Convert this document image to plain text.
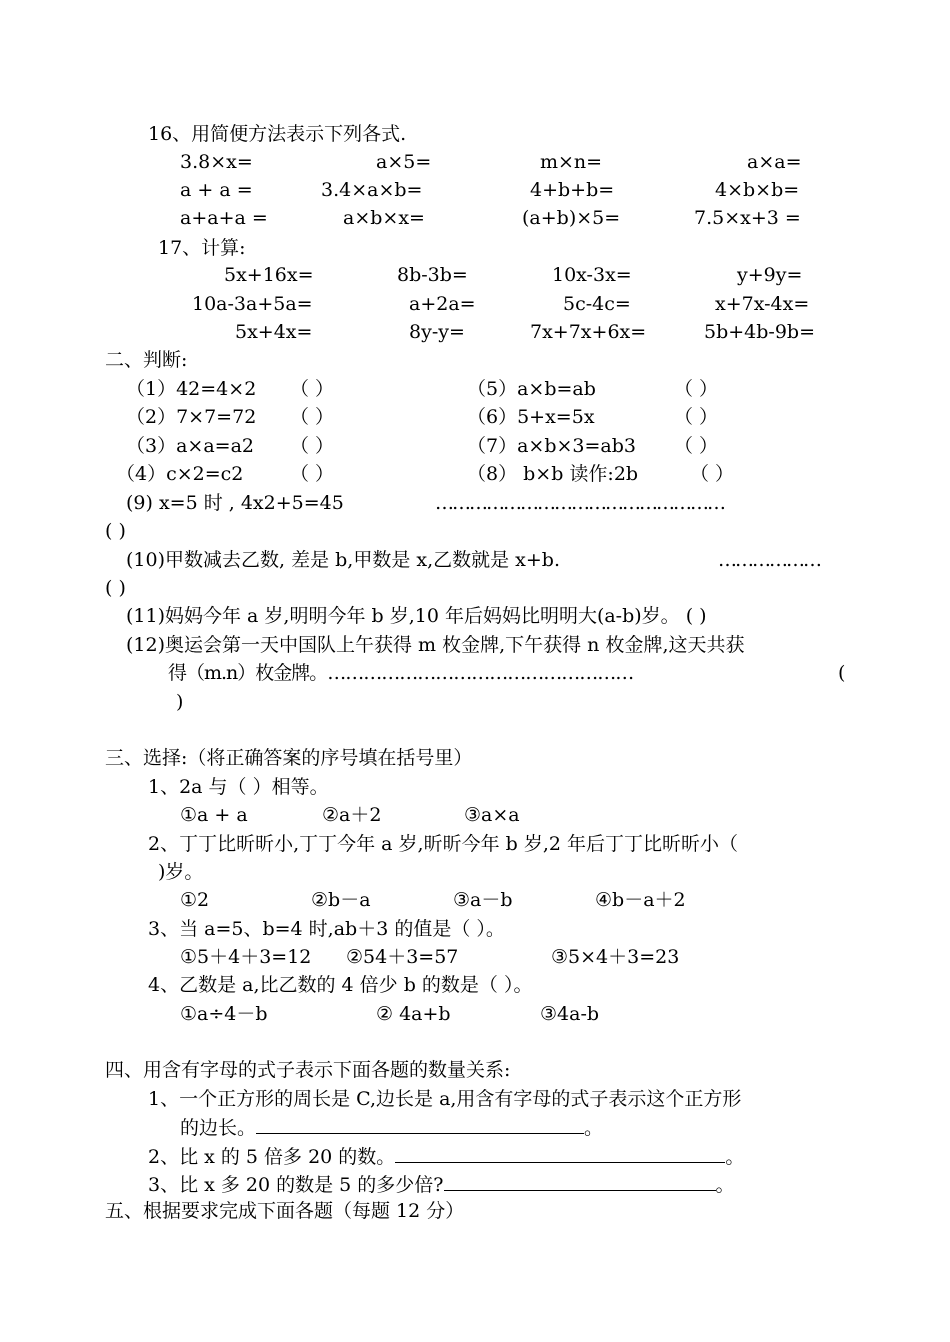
16、用简便方法表示下列各式.
3.8×x=	a×5=	m×n=	a×a=
a + a =	3.4×a×b=	4+b+b=	4×b×b=
a+a+a =	a×b×x=	(a+b)×5=	7.5×x+3 =
17、计算:
5x+16x=	8b-3b=	10x-3x=	y+9y=
10a-3a+5a=	a+2a=	5c-4c=	x+7x-4x=
5x+4x=	8y-y=	7x+7x+6x=	5b+4b-9b=
二、判断:
（1）42=4×2 （ ）	（5）a×b=ab	（ ）
（2）7×7=72 （ ）	（6）5+x=5x	（ ）
（3）a×a=a2 （ ）	（7）a×b×3=ab3 （ ）
（4）c×2=c2 （ ）	（8） b×b 读作:2b	（ ）
(9) x=5 时 , 4x2+5=45	……………………………………………
( )
(10)甲数减去乙数, 差是 b,甲数是 x,乙数就是 x+b.	………………
( )
(11)妈妈今年 a 岁,明明今年 b 岁,10 年后妈妈比明明大(a-b)岁。 ( )
(12)奥运会第一天中国队上午获得 m 枚金牌,下午获得 n 枚金牌,这天共获
得（m.n）枚金牌。……………………………………………	(
)
三、选择:（将正确答案的序号填在括号里）
1、2a 与（ ）相等。
①a + a	②a＋2	③a×a
2、丁丁比昕昕小,丁丁今年 a 岁,昕昕今年 b 岁,2 年后丁丁比昕昕小（
)岁。
①2	②b－a	③a－b	④b－a＋2
3、当 a=5、b=4 时,ab＋3 的值是（ ）。
①5＋4＋3=12 ②54＋3=57	③5×4＋3=23
4、乙数是 a,比乙数的 4 倍少 b 的数是（ ）。
①a÷4－b	② 4a+b	③4a-b
四、用含有字母的式子表示下面各题的数量关系:
1、一个正方形的周长是 C,边长是 a,用含有字母的式子表示这个正方形
的边长。	。
2、比 x 的 5 倍多 20 的数。	。
3、比 x 多 20 的数是 5 的多少倍?	。
五、根据要求完成下面各题（每题 12 分）
